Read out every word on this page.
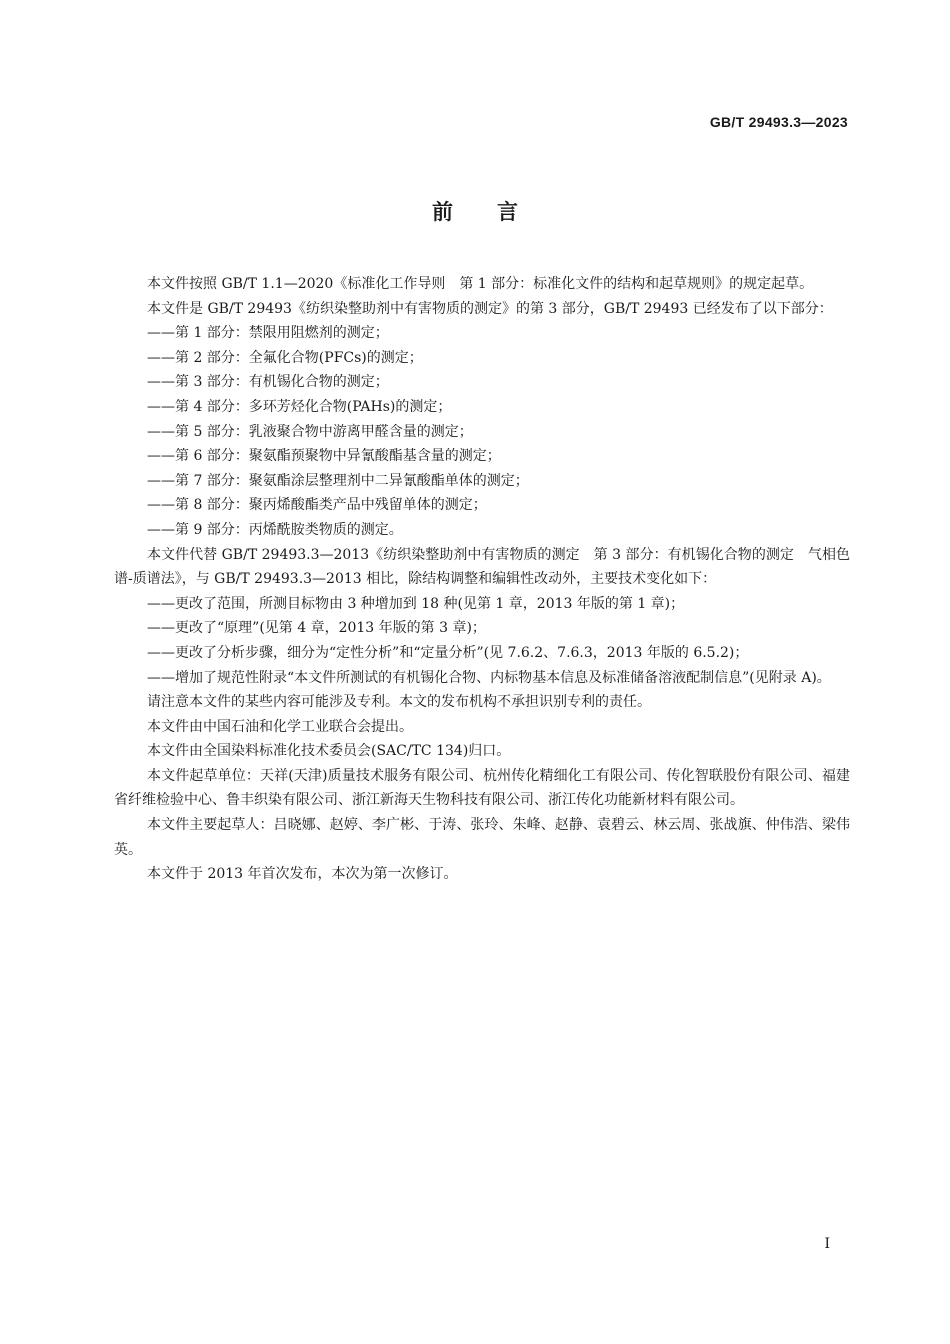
GB/T 29493.3—2023
前言

本文件按照 GB/T 1.1—2020《标准化工作导则　第 1 部分：标准化文件的结构和起草规则》的规定起草。

本文件是 GB/T 29493《纺织染整助剂中有害物质的测定》的第 3 部分，GB/T 29493 已经发布了以下部分：

——第 1 部分：禁限用阻燃剂的测定；

——第 2 部分：全氟化合物(PFCs)的测定；

——第 3 部分：有机锡化合物的测定；

——第 4 部分：多环芳烃化合物(PAHs)的测定；

——第 5 部分：乳液聚合物中游离甲醛含量的测定；

——第 6 部分：聚氨酯预聚物中异氰酸酯基含量的测定；

——第 7 部分：聚氨酯涂层整理剂中二异氰酸酯单体的测定；

——第 8 部分：聚丙烯酸酯类产品中残留单体的测定；

——第 9 部分：丙烯酰胺类物质的测定。

本文件代替 GB/T 29493.3—2013《纺织染整助剂中有害物质的测定　第 3 部分：有机锡化合物的测定　气相色谱-质谱法》，与 GB/T 29493.3—2013 相比，除结构调整和编辑性改动外，主要技术变化如下：

——更改了范围，所测目标物由 3 种增加到 18 种(见第 1 章，2013 年版的第 1 章)；

——更改了“原理”(见第 4 章，2013 年版的第 3 章)；

——更改了分析步骤，细分为“定性分析”和“定量分析”(见 7.6.2、7.6.3，2013 年版的 6.5.2)；

——增加了规范性附录“本文件所测试的有机锡化合物、内标物基本信息及标准储备溶液配制信息”(见附录 A)。

请注意本文件的某些内容可能涉及专利。本文的发布机构不承担识别专利的责任。

本文件由中国石油和化学工业联合会提出。

本文件由全国染料标准化技术委员会(SAC/TC 134)归口。

本文件起草单位：天祥(天津)质量技术服务有限公司、杭州传化精细化工有限公司、传化智联股份有限公司、福建省纤维检验中心、鲁丰织染有限公司、浙江新海天生物科技有限公司、浙江传化功能新材料有限公司。

本文件主要起草人：吕晓娜、赵婷、李广彬、于涛、张玲、朱峰、赵静、袁碧云、林云周、张战旗、仲伟浩、梁伟英。

本文件于 2013 年首次发布，本次为第一次修订。

I
